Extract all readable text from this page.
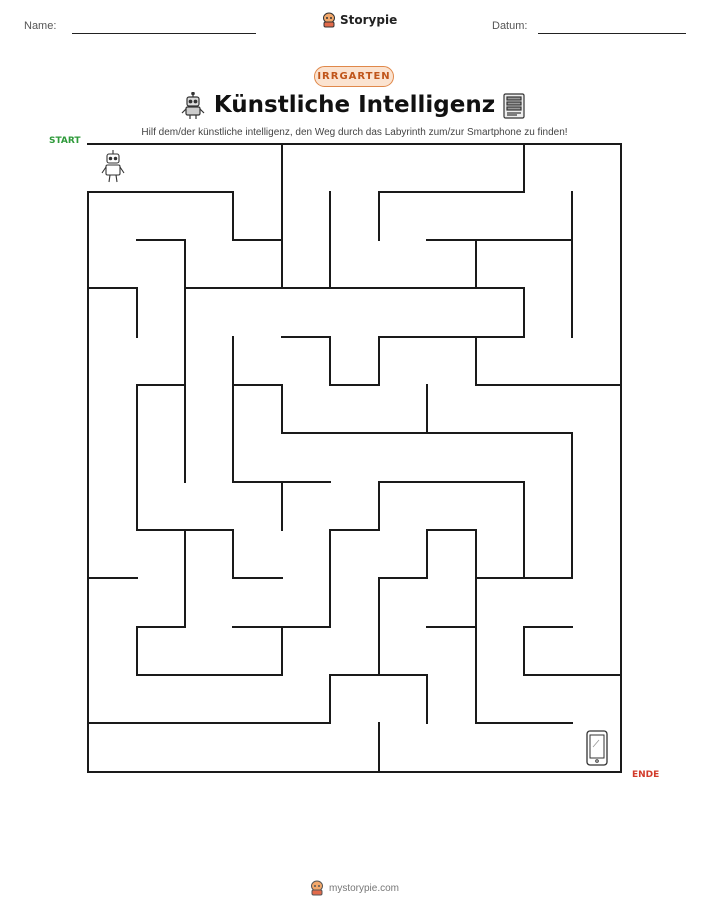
Name:	Storypie	Datum:
IRRGARTEN
Künstliche Intelligenz
Hilf dem/der künstliche intelligenz, den Weg durch das Labyrinth zum/zur Smartphone zu finden!
START
ENDE
mystorypie.com
